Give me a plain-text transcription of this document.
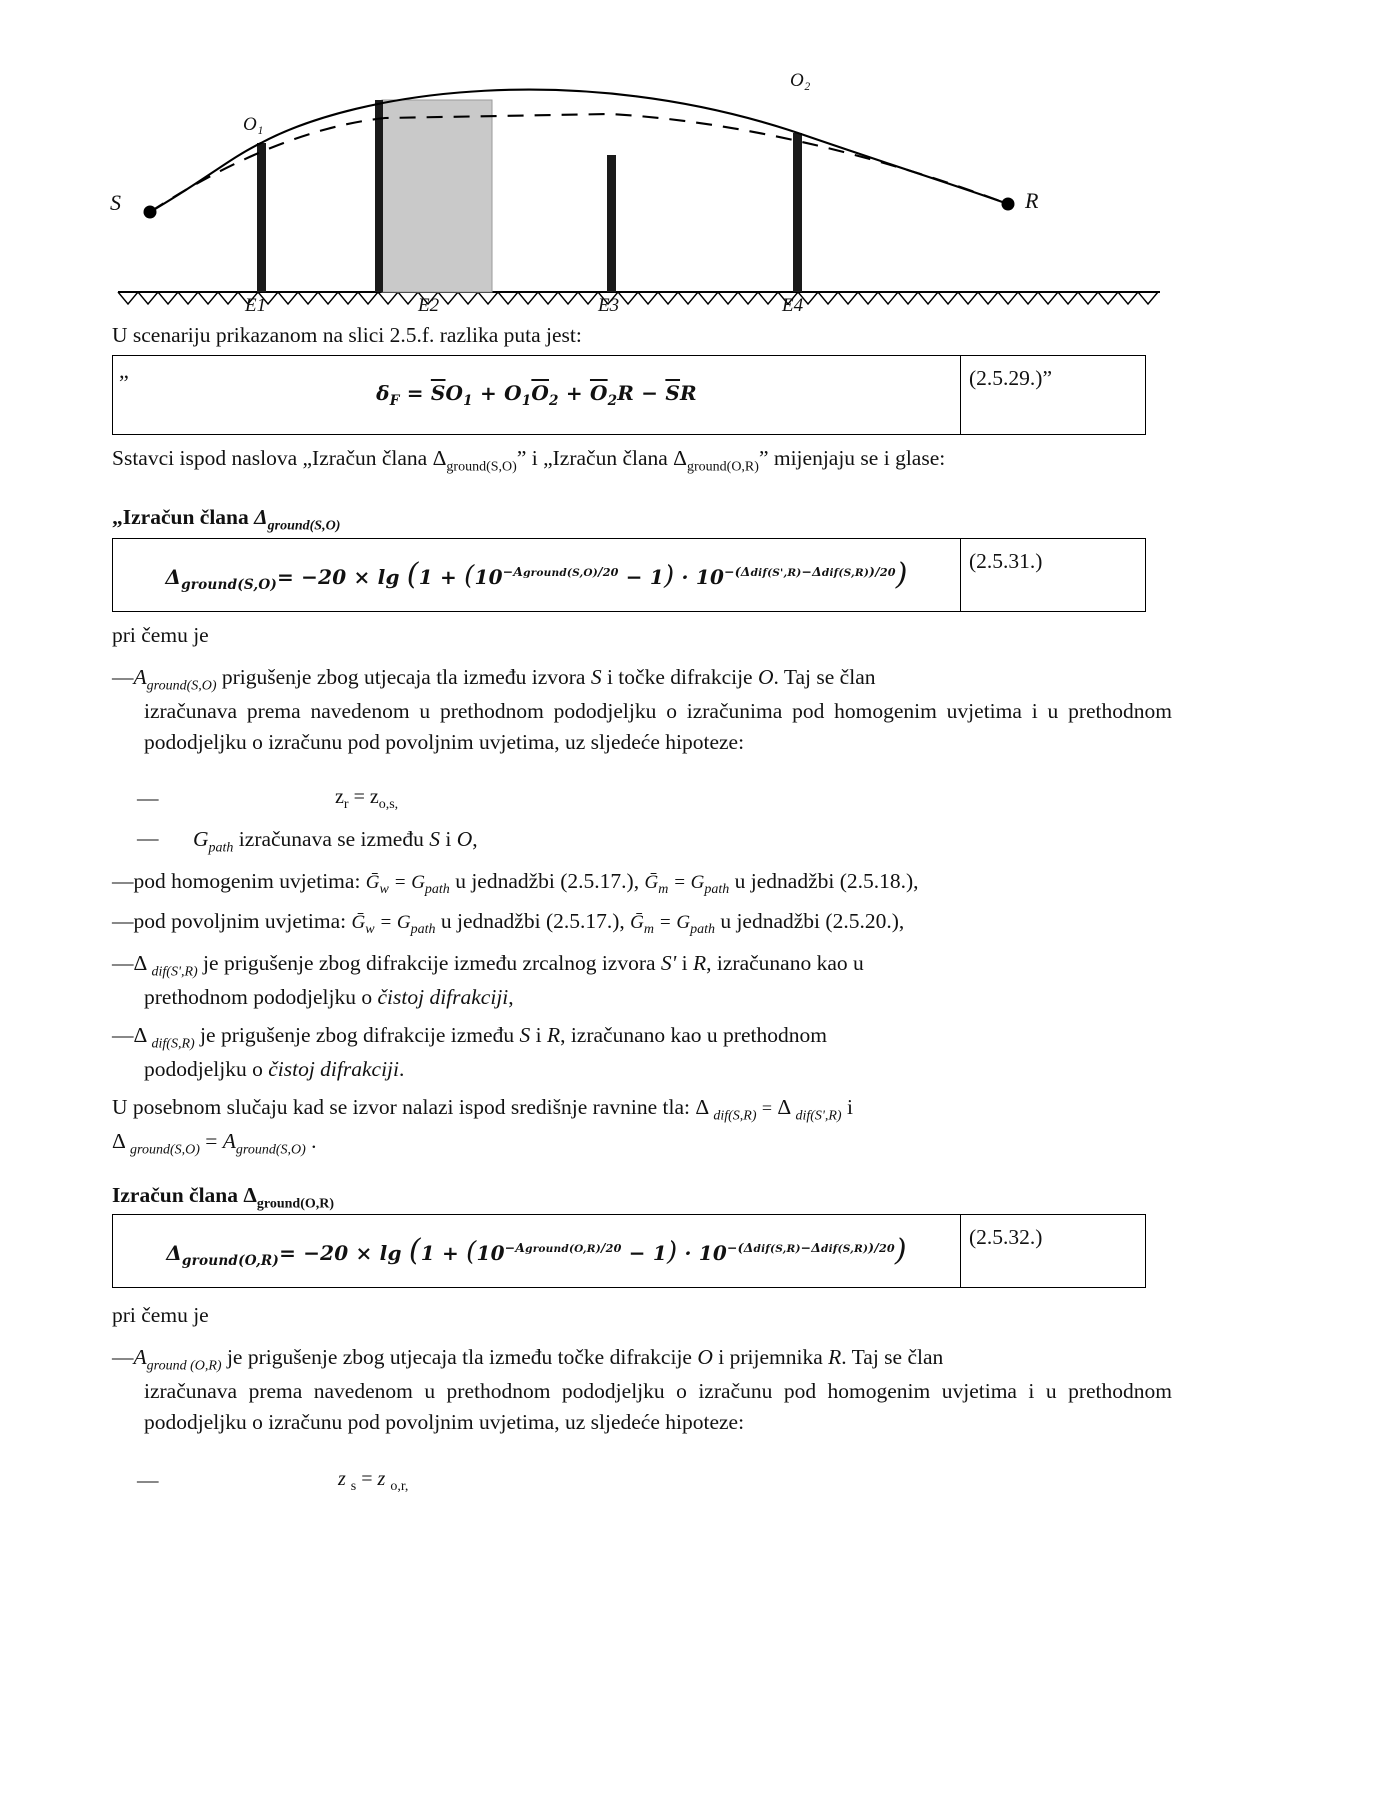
S	R
O₁
O₂
E1	E2	E3	E4
U scenariju prikazanom na slici 2.5.f. razlika puta jest:
„
$\delta_F = \overline{S}O_1 + O_1\overline{O}_2 + \overline{O}_2R - \overline{S}R$
(2.5.29.)”
Sstavci ispod naslova „Izračun člana $\Delta_{ground(S,O)}$” i „Izračun člana $\Delta_{ground(O,R)}$” mijenjaju se i glase:
„Izračun člana $\Delta_{ground(S,O)}$
$\Delta_{ground(S,O)}= -20 \times \lg (1 + (10^{-Aground(S,O)/20} - 1) \cdot 10^{-(\Delta dif(S',R)-\Delta dif(S,R))/20})$	(2.5.31.)
pri čemu je
$—A_{ground(S,O)}$ prigušenje zbog utjecaja tla između izvora S i točke difrakcije O. Taj se član
izračunava prema navedenom u prethodnom pododjeljku o izračunima pod homogenim uvjetima i u prethodnom pododjeljku o izračunu pod povoljnim uvjetima, uz sljedeće hipoteze:
—	$z_r = z_{o,s,}$
— $G_{path}$ izračunava se između S i O,
—pod homogenim uvjetima: Ḡ$_w$ = $G_{path}$ u jednadžbi (2.5.17.), Ḡ$_m$ = $G_{path}$ u jednadžbi (2.5.18.),
—pod povoljnim uvjetima: Ḡ$_w$ = $G_{path}$ u jednadžbi (2.5.17.), Ḡ$_m$ = $G_{path}$ u jednadžbi (2.5.20.),
—Δ $_{dif(S',R)}$ je prigušenje zbog difrakcije između zrcalnog izvora S' i R, izračunano kao u
prethodnom pododjeljku o čistoj difrakciji,
—Δ $_{dif(S,R)}$ je prigušenje zbog difrakcije između S i R, izračunano kao u prethodnom
pododjeljku o čistoj difrakciji.
U posebnom slučaju kad se izvor nalazi ispod središnje ravnine tla: Δ $_{dif(S,R)}$ = Δ $_{dif(S',R)}$ i
Δ $_{ground(S,O)} = A_{ground(S,O)}$ .
Izračun člana $\Delta_{ground(O,R)}$
$\Delta_{ground(O,R)}= -20 \times \lg (1 + (10^{-Aground(O,R)/20} - 1) \cdot 10^{-(\Delta dif(S,R)-\Delta dif(S,R))/20})$	(2.5.32.)
pri čemu je
$—A_{ground (O,R)}$ je prigušenje zbog utjecaja tla između točke difrakcije O i prijemnika R. Taj se član
izračunava prema navedenom u prethodnom pododjeljku o izračunu pod homogenim uvjetima i u prethodnom pododjeljku o izračunu pod povoljnim uvjetima, uz sljedeće hipoteze:
—	z $_s$ = z $_{o,r,}$
